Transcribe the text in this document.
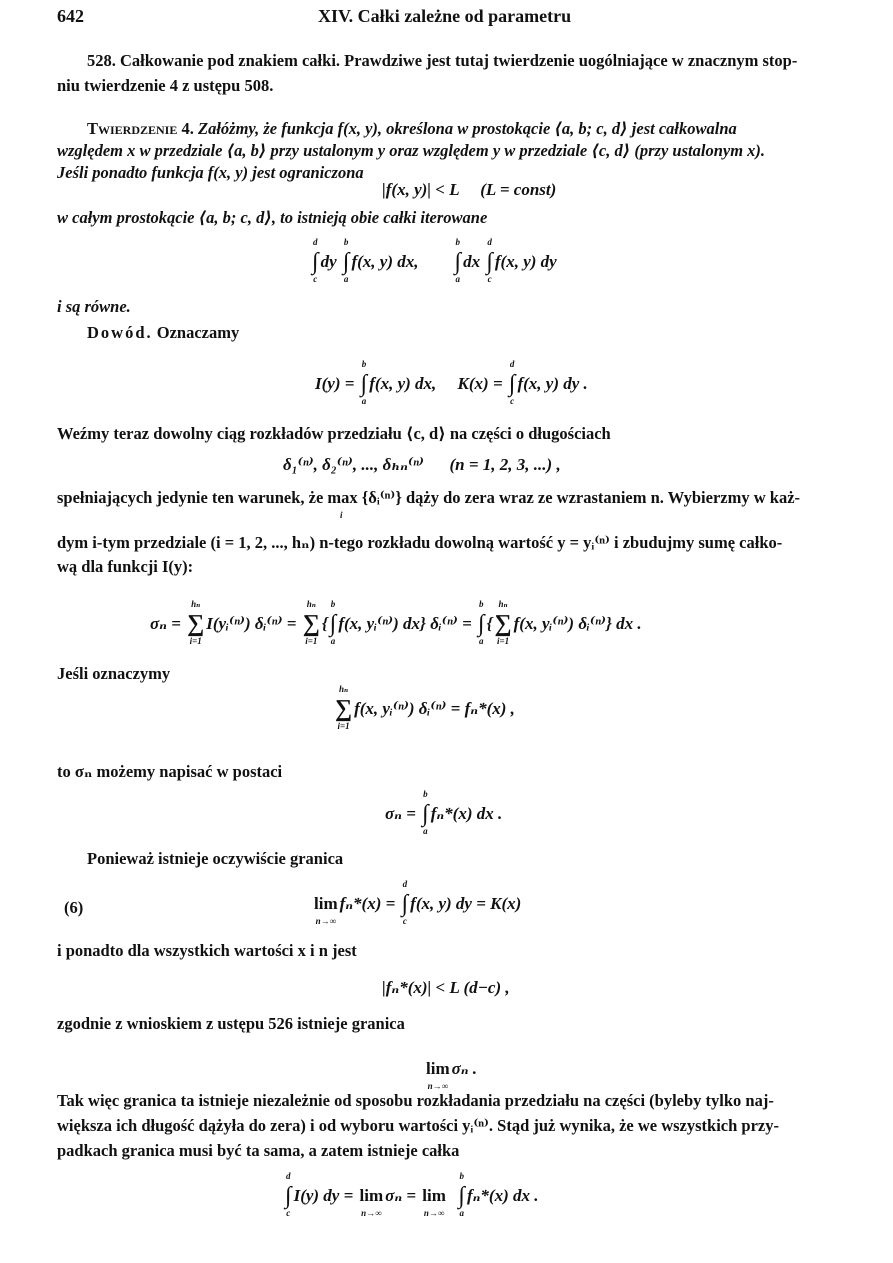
642	XIV. Całki zależne od parametru
528. Całkowanie pod znakiem całki. Prawdziwe jest tutaj twierdzenie uogólniające w znacznym stop-
niu twierdzenie 4 z ustępu 508.
Twierdzenie 4. Załóżmy, że funkcja f(x, y), określona w prostokącie ⟨a, b; c, d⟩ jest całkowalna
względem x w przedziale ⟨a, b⟩ przy ustalonym y oraz względem y w przedziale ⟨c, d⟩ (przy ustalonym x).
Jeśli ponadto funkcja f(x, y) jest ograniczona
|f(x, y)| < L     (L = const)
w całym prostokącie ⟨a, b; c, d⟩, to istnieją obie całki iterowane
d
∫
c
dy
b
∫
a
f(x, y) dx,
b
∫
a
dx
d
∫
c
f(x, y) dy
i są równe.
Dowód. Oznaczamy
I(y) =
b
∫
a
f(x, y) dx,     K(x) =
d
∫
c
f(x, y) dy .
Weźmy teraz dowolny ciąg rozkładów przedziału ⟨c, d⟩ na części o długościach
δ₁⁽ⁿ⁾, δ₂⁽ⁿ⁾, ..., δₕₙ⁽ⁿ⁾      (n = 1, 2, 3, ...) ,
spełniających jedynie ten warunek, że max {δᵢ⁽ⁿ⁾} dąży do zera wraz ze wzrastaniem n. Wybierzmy w każ-
i
dym i-tym przedziale (i = 1, 2, ..., hₙ) n-tego rozkładu dowolną wartość y = yᵢ⁽ⁿ⁾ i zbudujmy sumę całko-
wą dla funkcji I(y):
σₙ =
hₙ
∑
i=1
I(yᵢ⁽ⁿ⁾) δᵢ⁽ⁿ⁾ =
hₙ
∑
i=1
{
b
∫
a
f(x, yᵢ⁽ⁿ⁾) dx} δᵢ⁽ⁿ⁾ =
b
∫
a
{
hₙ
∑
i=1
f(x, yᵢ⁽ⁿ⁾) δᵢ⁽ⁿ⁾} dx .
Jeśli oznaczymy
hₙ
∑
i=1
f(x, yᵢ⁽ⁿ⁾) δᵢ⁽ⁿ⁾ = fₙ*(x) ,
to σₙ możemy napisać w postaci
σₙ =
b
∫
a
fₙ*(x) dx .
Ponieważ istnieje oczywiście granica
(6)	lim
n→∞
fₙ*(x) =
d
∫
c
f(x, y) dy = K(x)
i ponadto dla wszystkich wartości x i n jest
|fₙ*(x)| < L (d−c) ,
zgodnie z wnioskiem z ustępu 526 istnieje granica
lim
n→∞
σₙ .
Tak więc granica ta istnieje niezależnie od sposobu rozkładania przedziału na części (byleby tylko naj-
większa ich długość dążyła do zera) i od wyboru wartości yᵢ⁽ⁿ⁾. Stąd już wynika, że we wszystkich przy-
padkach granica musi być ta sama, a zatem istnieje całka
d
∫
c
I(y) dy = lim
n→∞
σₙ = lim
n→∞

b
∫
a
fₙ*(x) dx .
